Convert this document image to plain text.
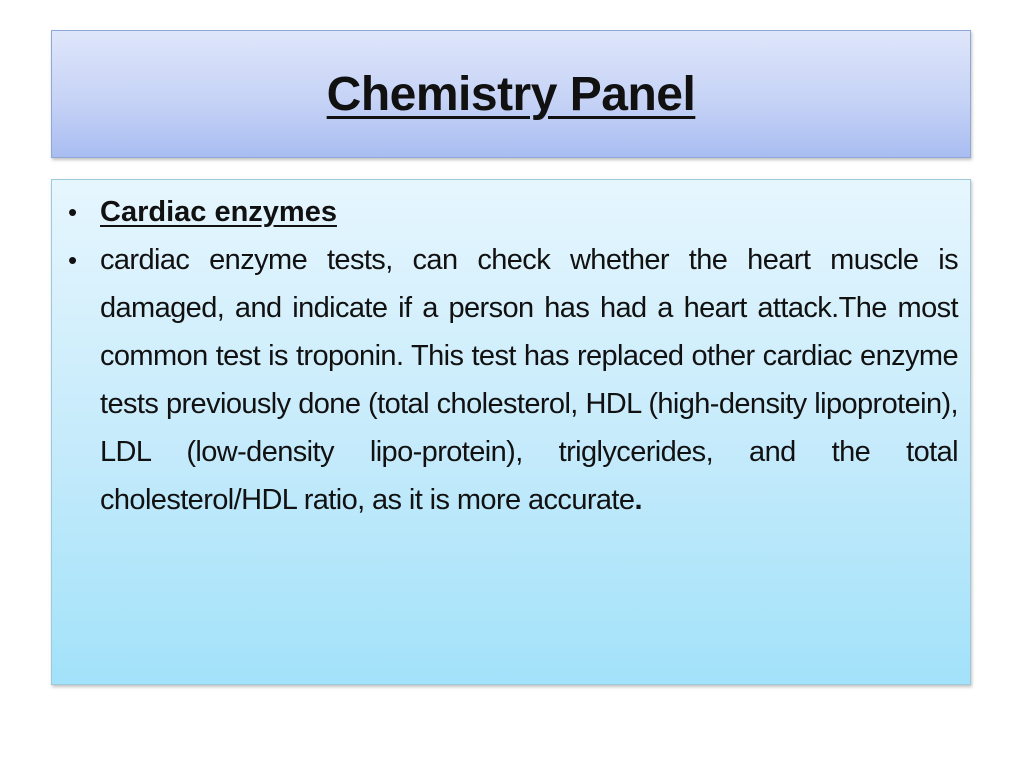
Chemistry Panel
• Cardiac enzymes
• cardiac enzyme tests, can check whether the heart muscle is damaged, and indicate if a person has had a heart attack.The most common test is troponin. This test has replaced other cardiac enzyme tests previously done (total cholesterol, HDL (high-density lipoprotein), LDL (low-density lipo-protein), triglycerides, and the total cholesterol/HDL ratio, as it is more accurate.
